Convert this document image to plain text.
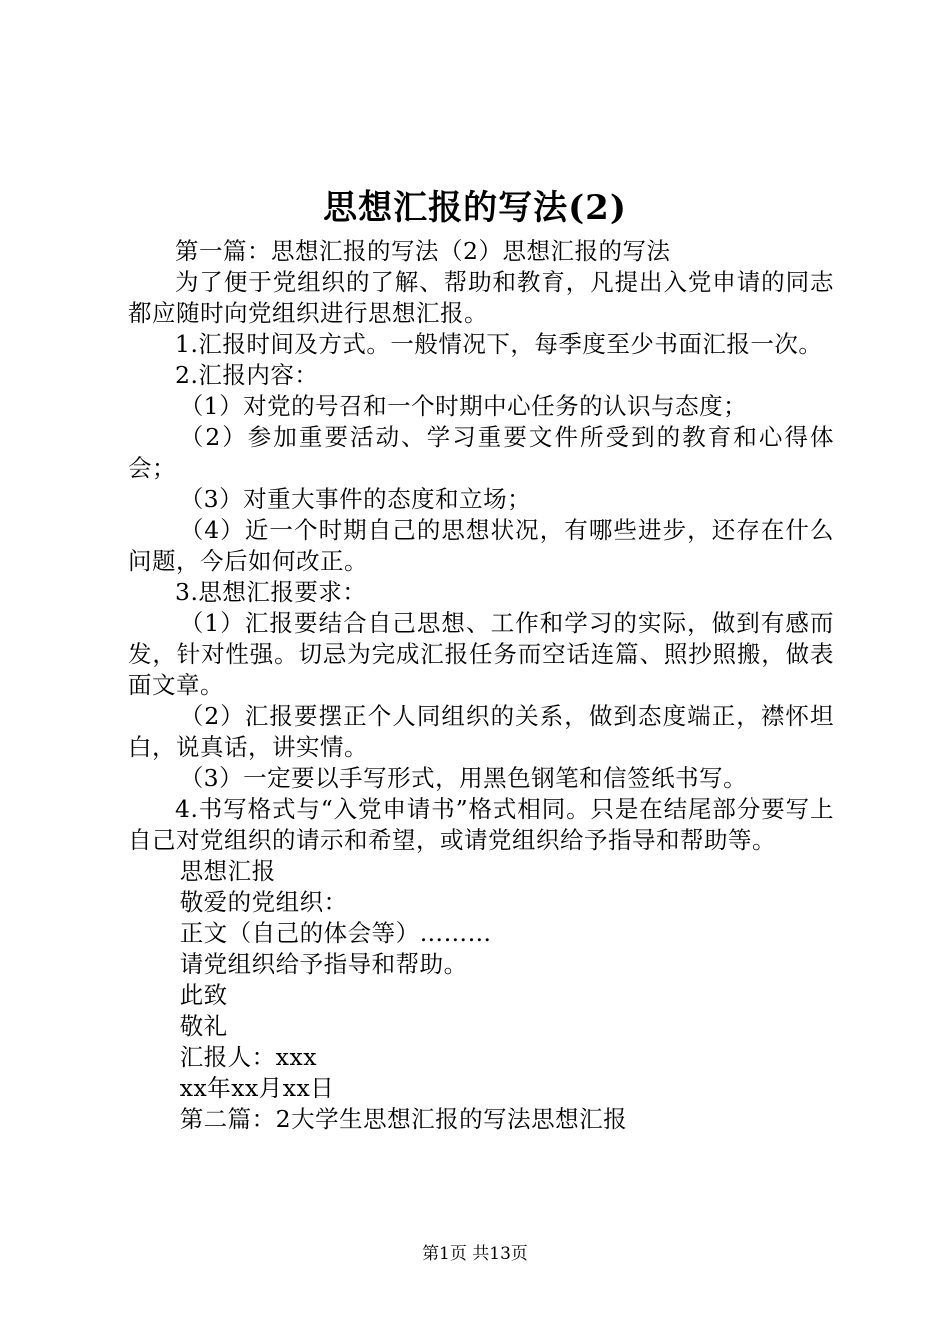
思想汇报的写法(2)

第一篇：思想汇报的写法（2）思想汇报的写法

为了便于党组织的了解、帮助和教育，凡提出入党申请的同志都应随时向党组织进行思想汇报。

1.汇报时间及方式。一般情况下，每季度至少书面汇报一次。

2.汇报内容：

（1）对党的号召和一个时期中心任务的认识与态度；

（2）参加重要活动、学习重要文件所受到的教育和心得体会；

（3）对重大事件的态度和立场；

（4）近一个时期自己的思想状况，有哪些进步，还存在什么问题，今后如何改正。

3.思想汇报要求：

（1）汇报要结合自己思想、工作和学习的实际，做到有感而发，针对性强。切忌为完成汇报任务而空话连篇、照抄照搬，做表面文章。

（2）汇报要摆正个人同组织的关系，做到态度端正，襟怀坦白，说真话，讲实情。

（3）一定要以手写形式，用黑色钢笔和信签纸书写。

4.书写格式与“入党申请书”格式相同。只是在结尾部分要写上自己对党组织的请示和希望，或请党组织给予指导和帮助等。

思想汇报

敬爱的党组织：

正文（自己的体会等）………

请党组织给予指导和帮助。

此致

敬礼

汇报人：xxx

xx年xx月xx日

第二篇：2大学生思想汇报的写法思想汇报

第1页 共13页
